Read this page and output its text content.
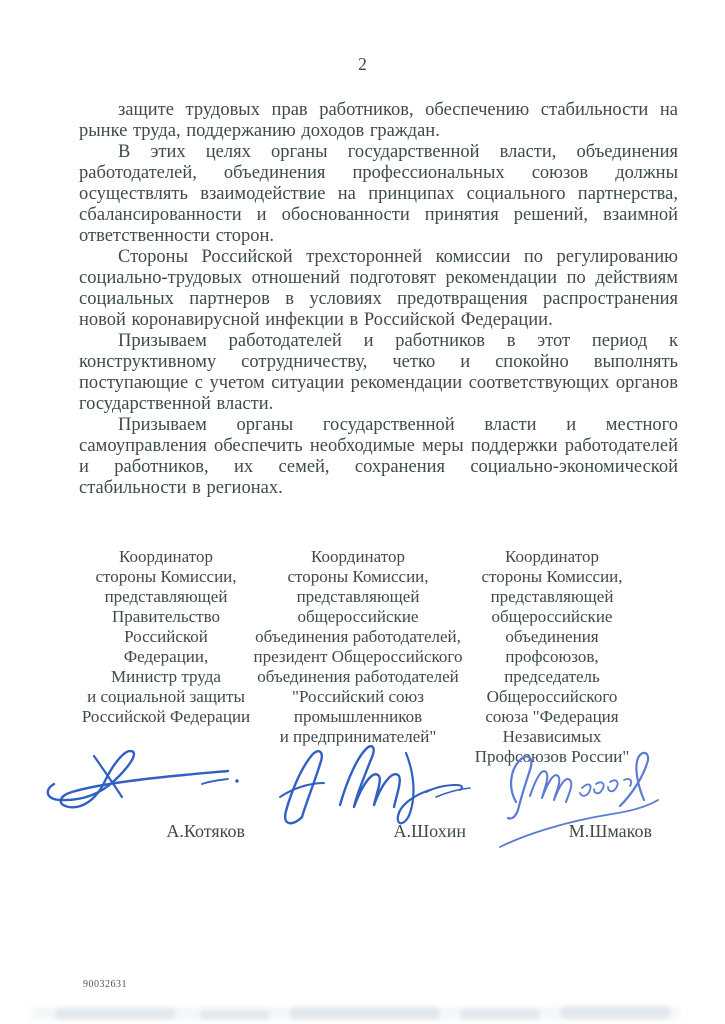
2

защите трудовых прав работников, обеспечению стабильности на рынке труда, поддержанию доходов граждан.

В этих целях органы государственной власти, объединения работодателей, объединения профессиональных союзов должны осуществлять взаимодействие на принципах социального партнерства, сбалансированности и обоснованности принятия решений, взаимной ответственности сторон.

Стороны Российской трехсторонней комиссии по регулированию социально-трудовых отношений подготовят рекомендации по действиям социальных партнеров в условиях предотвращения распространения новой коронавирусной инфекции в Российской Федерации.

Призываем работодателей и работников в этот период к конструктивному сотрудничеству, четко и спокойно выполнять поступающие с учетом ситуации рекомендации соответствующих органов государственной власти.

Призываем органы государственной власти и местного самоуправления обеспечить необходимые меры поддержки работодателей и работников, их семей, сохранения социально-экономической стабильности в регионах.

Координатор
стороны Комиссии,
представляющей
Правительство
Российской
Федерации,
Министр труда
и социальной защиты
Российской Федерации
Координатор
стороны Комиссии,
представляющей
общероссийские
объединения работодателей,
президент Общероссийского
объединения работодателей
"Российский союз
промышленников
и предпринимателей"
Координатор
стороны Комиссии,
представляющей
общероссийские
объединения
профсоюзов,
председатель
Общероссийского
союза "Федерация
Независимых
Профсоюзов России"
А.Котяков	А.Шохин	М.Шмаков
90032631
